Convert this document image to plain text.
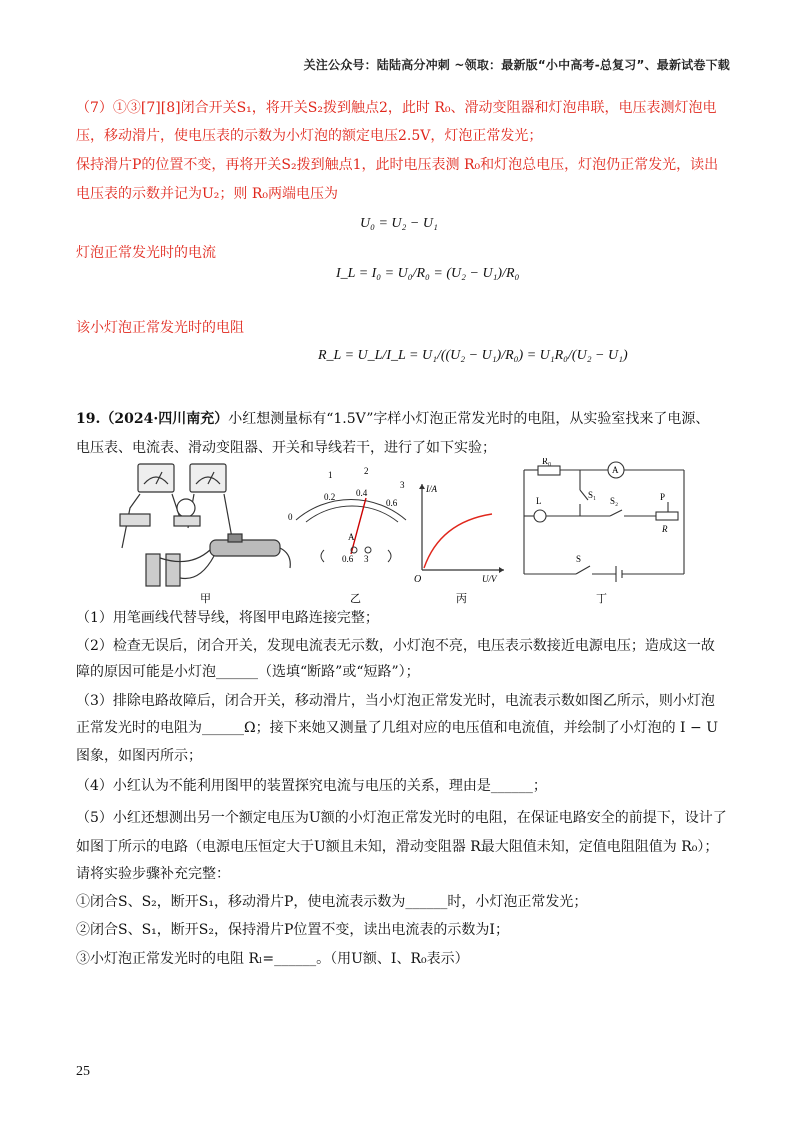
关注公众号：陆陆高分冲刺 ~领取：最新版“小中高考-总复习”、最新试卷下载
（7）①③[7][8]闭合开关S₁，将开关S₂拨到触点2，此时 R₀、滑动变阻器和灯泡串联，电压表测灯泡电
压，移动滑片，使电压表的示数为小灯泡的额定电压2.5V，灯泡正常发光；
保持滑片P的位置不变，再将开关S₂拨到触点1，此时电压表测 R₀和灯泡总电压，灯泡仍正常发光，读出
电压表的示数并记为U₂；则 R₀两端电压为
U₀ = U₂ − U₁
灯泡正常发光时的电流
I_L = I₀ = U₀/R₀ = (U₂ − U₁)/R₀
该小灯泡正常发光时的电阻
R_L = U_L/I_L = U₁/((U₂ − U₁)/R₀) = U₁R₀/(U₂ − U₁)
19.（2024·四川南充）小红想测量标有“1.5V”字样小灯泡正常发光时的电阻，从实验室找来了电源、
电压表、电流表、滑动变阻器、开关和导线若干，进行了如下实验；
0
0.2 0.4
0.6
1	2
3
A
0.6 3
I/A
U/V
O
R₀
A
L
S₁
S₂	P
R
S
甲	乙	丙	丁
（1）用笔画线代替导线，将图甲电路连接完整；
（2）检查无误后，闭合开关，发现电流表无示数，小灯泡不亮，电压表示数接近电源电压；造成这一故
障的原因可能是小灯泡______（选填“断路”或“短路”）；
（3）排除电路故障后，闭合开关，移动滑片，当小灯泡正常发光时，电流表示数如图乙所示，则小灯泡
正常发光时的电阻为______Ω；接下来她又测量了几组对应的电压值和电流值，并绘制了小灯泡的 I − U
图象，如图丙所示；
（4）小红认为不能利用图甲的装置探究电流与电压的关系，理由是______；
（5）小红还想测出另一个额定电压为U额的小灯泡正常发光时的电阻，在保证电路安全的前提下，设计了
如图丁所示的电路（电源电压恒定大于U额且未知，滑动变阻器 R最大阻值未知，定值电阻阻值为 R₀）；
请将实验步骤补充完整：
①闭合S、S₂，断开S₁，移动滑片P，使电流表示数为______时，小灯泡正常发光；
②闭合S、S₁，断开S₂，保持滑片P位置不变，读出电流表的示数为I；
③小灯泡正常发光时的电阻 Rₗ=______。（用U额、I、R₀表示）
25
